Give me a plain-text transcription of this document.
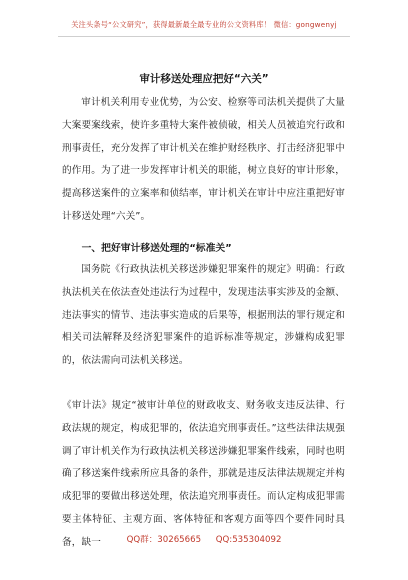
关注头条号“公文研究”，获得最新最全最专业的公文资料库！ 微信：gongwenyj
审计移送处理应把好“六关”
审计机关利用专业优势，为公安、检察等司法机关提供了大量大案要案线索，使许多重特大案件被侦破，相关人员被追究行政和刑事责任，充分发挥了审计机关在维护财经秩序、打击经济犯罪中的作用。为了进一步发挥审计机关的职能，树立良好的审计形象，提高移送案件的立案率和侦结率，审计机关在审计中应注重把好审计移送处理“六关”。
一、把好审计移送处理的“标准关”
国务院《行政执法机关移送涉嫌犯罪案件的规定》明确：行政执法机关在依法查处违法行为过程中，发现违法事实涉及的金额、违法事实的情节、违法事实造成的后果等，根据刑法的罪行规定和相关司法解释及经济犯罪案件的追诉标准等规定，涉嫌构成犯罪的，依法需向司法机关移送。
《审计法》规定“被审计单位的财政收支、财务收支违反法律、行政法规的规定，构成犯罪的，依法追究刑事责任。”这些法律法规强调了审计机关作为行政执法机关移送涉嫌犯罪案件线索，同时也明确了移送案件线索所应具备的条件，那就是违反法律法规规定并构成犯罪的要做出移送处理，依法追究刑事责任。而认定构成犯罪需要主体特征、主观方面、客体特征和客观方面等四个要件同时具备，缺一	QQ群：30265665 QQ:535304092
